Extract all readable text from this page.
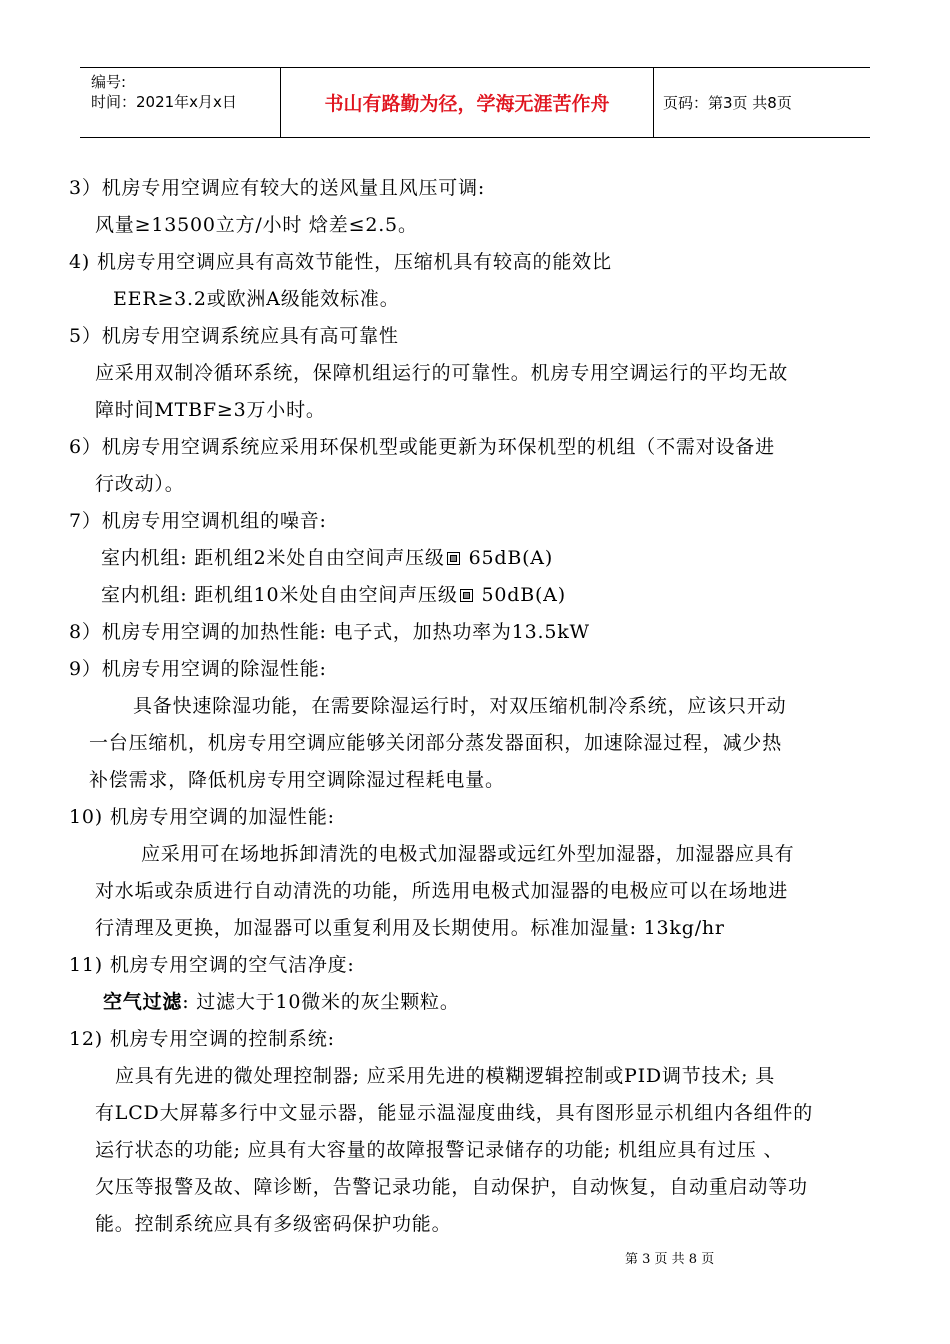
编号:
时间：2021年x月x日	书山有路勤为径，学海无涯苦作舟	页码：第3页 共8页
3）机房专用空调应有较大的送风量且风压可调:
风量≥13500立方/小时 焓差≤2.5。
4) 机房专用空调应具有高效节能性，压缩机具有较高的能效比
EER≥3.2或欧洲A级能效标准。
5）机房专用空调系统应具有高可靠性
应采用双制冷循环系统，保障机组运行的可靠性。机房专用空调运行的平均无故
障时间MTBF≥3万小时。
6）机房专用空调系统应采用环保机型或能更新为环保机型的机组（不需对设备进
行改动）。
7）机房专用空调机组的噪音:
室内机组: 距机组2米处自由空间声压级 65dB(A)
室内机组: 距机组10米处自由空间声压级 50dB(A)
8）机房专用空调的加热性能: 电子式，加热功率为13.5kW
9）机房专用空调的除湿性能:
具备快速除湿功能，在需要除湿运行时，对双压缩机制冷系统，应该只开动
一台压缩机，机房专用空调应能够关闭部分蒸发器面积，加速除湿过程，减少热
补偿需求，降低机房专用空调除湿过程耗电量。
10) 机房专用空调的加湿性能:
应采用可在场地拆卸清洗的电极式加湿器或远红外型加湿器，加湿器应具有
对水垢或杂质进行自动清洗的功能，所选用电极式加湿器的电极应可以在场地进
行清理及更换，加湿器可以重复利用及长期使用。标准加湿量: 13kg/hr
11) 机房专用空调的空气洁净度:
空气过滤: 过滤大于10微米的灰尘颗粒。
12) 机房专用空调的控制系统:
应具有先进的微处理控制器; 应采用先进的模糊逻辑控制或PID调节技术; 具
有LCD大屏幕多行中文显示器，能显示温湿度曲线，具有图形显示机组内各组件的
运行状态的功能; 应具有大容量的故障报警记录储存的功能; 机组应具有过压 、
欠压等报警及故、障诊断，告警记录功能，自动保护，自动恢复，自动重启动等功
能。控制系统应具有多级密码保护功能。
第 3 页 共 8 页
